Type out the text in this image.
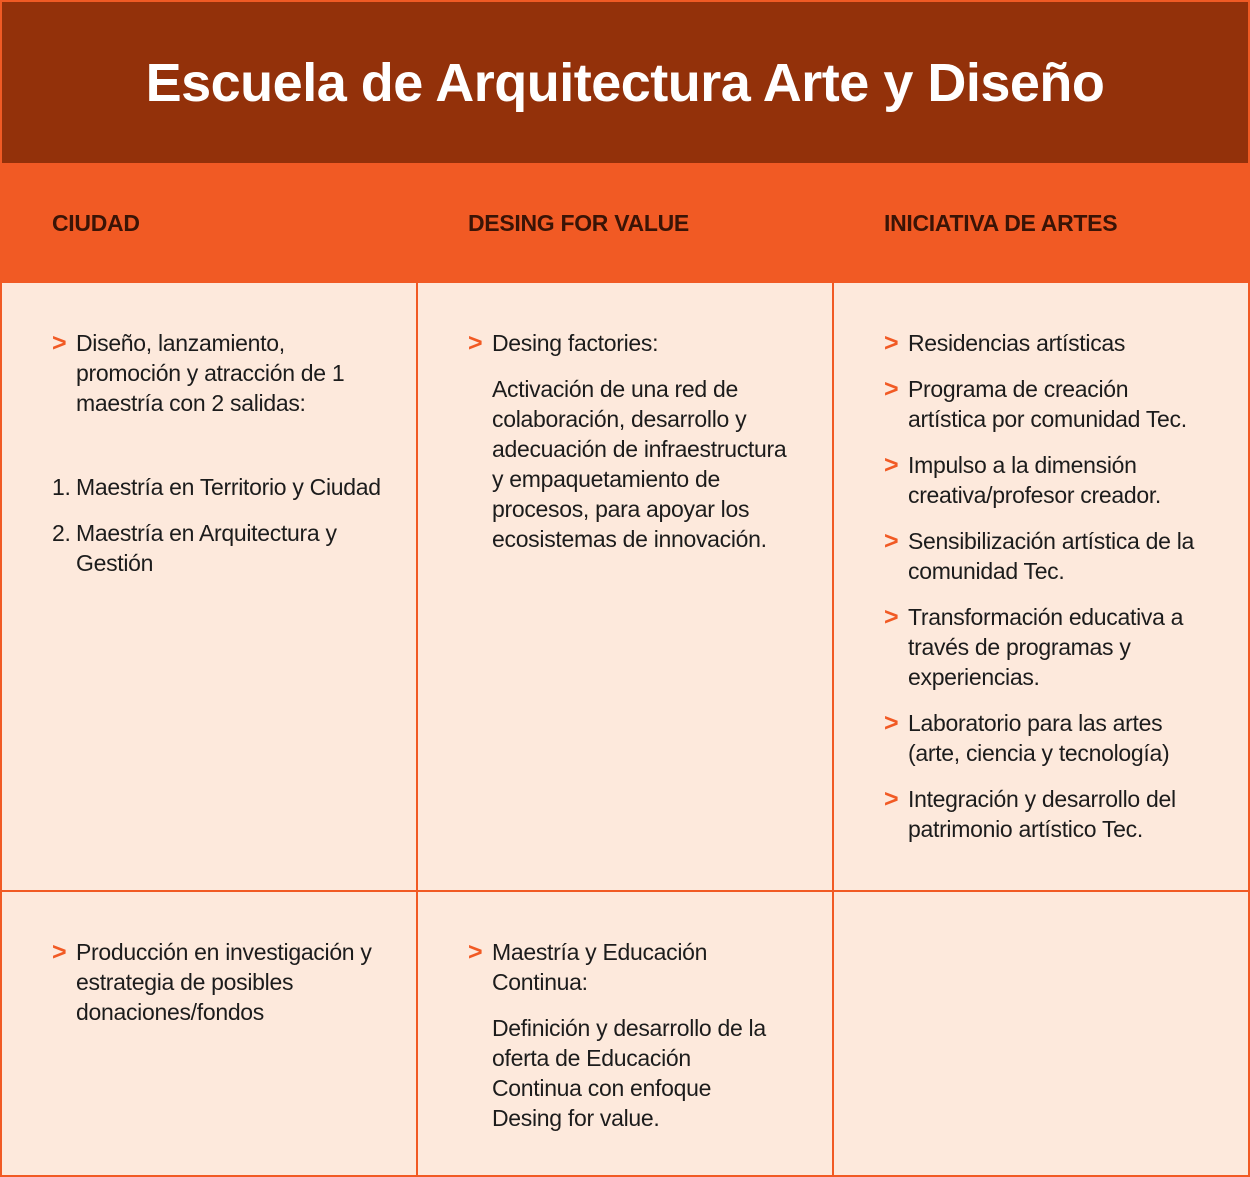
Escuela de Arquitectura Arte y Diseño
CIUDAD	DESING FOR VALUE	INICIATIVA DE ARTES
> Diseño, lanzamiento, promoción y atracción de 1 maestría con 2 salidas:
1. Maestría en Territorio y Ciudad
2. Maestría en Arquitectura y Gestión
> Desing factories:
Activación de una red de colaboración, desarrollo y adecuación de infraestructura y empaquetamiento de procesos, para apoyar los ecosistemas de innovación.
> Residencias artísticas
> Programa de creación artística por comunidad Tec.
> Impulso a la dimensión creativa/profesor creador.
> Sensibilización artística de la comunidad Tec.
> Transformación educativa a través de programas y experiencias.
> Laboratorio para las artes (arte, ciencia y tecnología)
> Integración y desarrollo del patrimonio artístico Tec.
> Producción en investigación y estrategia de posibles donaciones/fondos
> Maestría y Educación Continua:
Definición y desarrollo de la oferta de Educación Continua con enfoque Desing for value.
